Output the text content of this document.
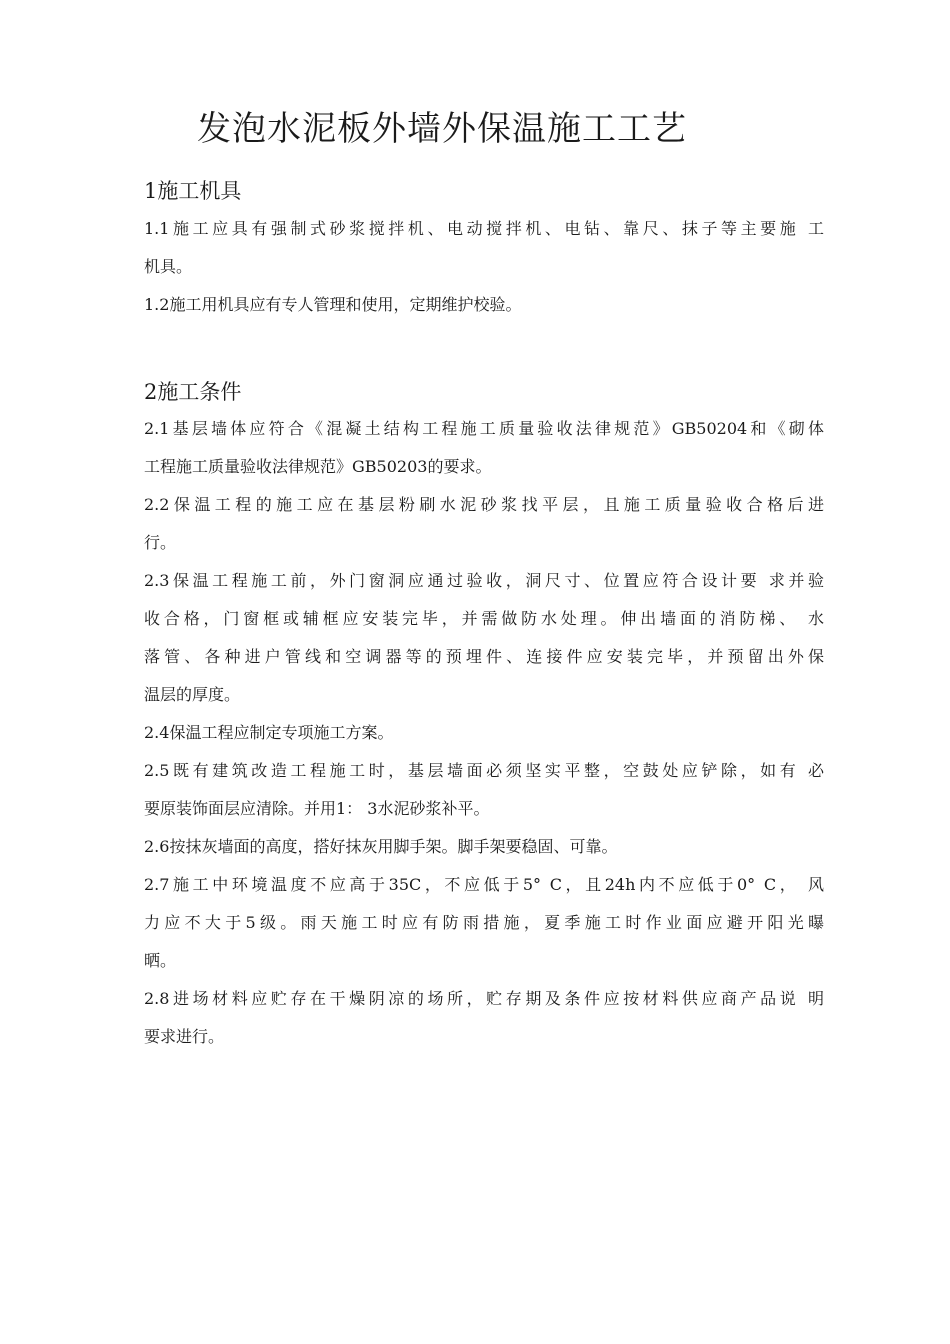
发泡水泥板外墙外保温施工工艺
1施工机具

1.1施工应具有强制式砂浆搅拌机、电动搅拌机、电钻、靠尺、抹子等主要施 工

机具。

1.2施工用机具应有专人管理和使用，定期维护校验。

2施工条件

2.1基层墙体应符合《混凝土结构工程施工质量验收法律规范》GB50204和《砌体

工程施工质量验收法律规范》GB50203的要求。

2.2保温工程的施工应在基层粉刷水泥砂浆找平层，且施工质量验收合格后进

行。

2.3保温工程施工前，外门窗洞应通过验收，洞尺寸、位置应符合设计要 求并验

收合格，门窗框或辅框应安装完毕，并需做防水处理。伸出墙面的消防梯、 水

落管、各种进户管线和空调器等的预埋件、连接件应安装完毕，并预留出外保

温层的厚度。

2.4保温工程应制定专项施工方案。

2.5既有建筑改造工程施工时，基层墙面必须坚实平整，空鼓处应铲除，如有 必

要原装饰面层应清除。并用1： 3水泥砂浆补平。

2.6按抹灰墙面的高度，搭好抹灰用脚手架。脚手架要稳固、可靠。

2.7施工中环境温度不应高于35C，不应低于5° C，且24h内不应低于0° C， 风

力应不大于5级。雨天施工时应有防雨措施，夏季施工时作业面应避开阳光曝

晒。

2.8进场材料应贮存在干燥阴凉的场所，贮存期及条件应按材料供应商产品说 明

要求进行。
